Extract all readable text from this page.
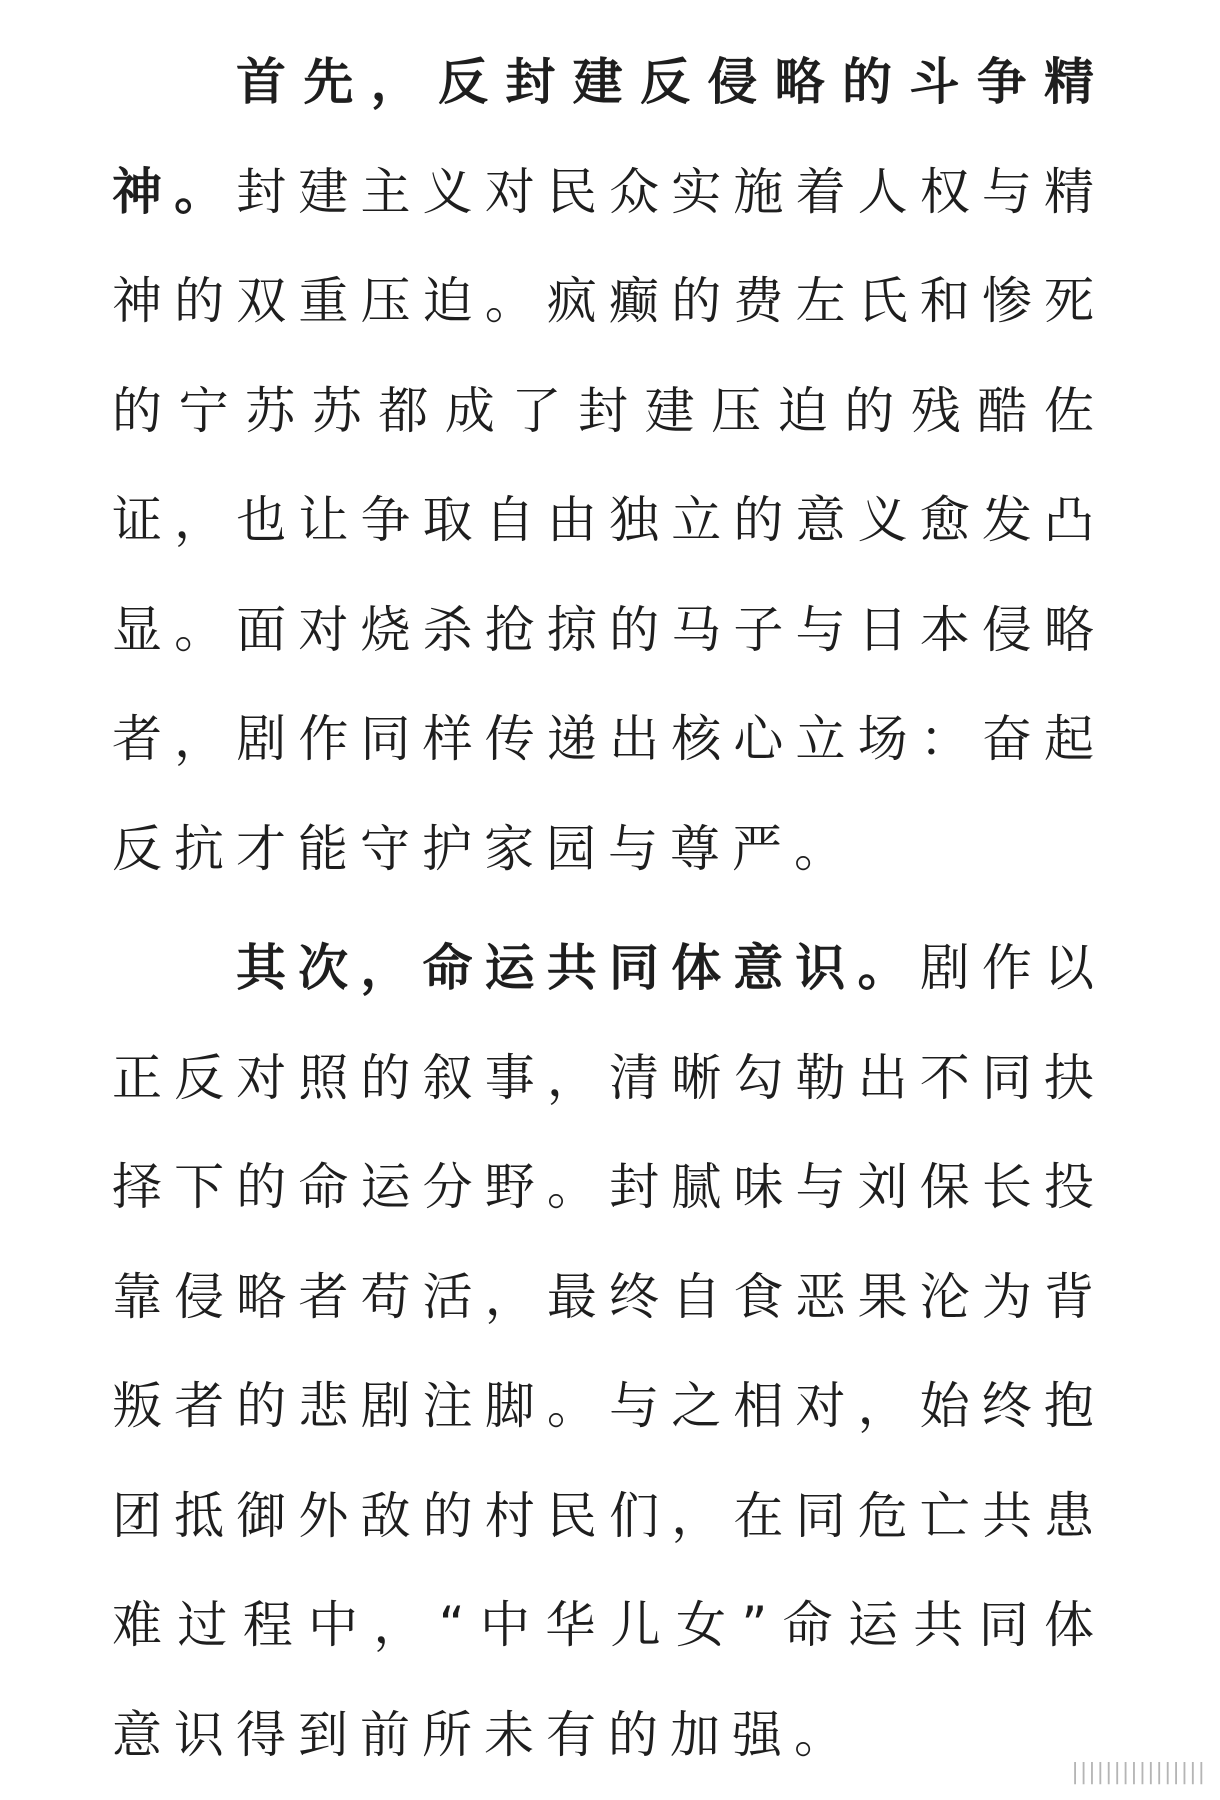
首先，反封建反侵略的斗争精神。封建主义对民众实施着人权与精神的双重压迫。疯癫的费左氏和惨死的宁苏苏都成了封建压迫的残酷佐证，也让争取自由独立的意义愈发凸显。面对烧杀抢掠的马子与日本侵略者，剧作同样传递出核心立场：奋起反抗才能守护家园与尊严。

其次，命运共同体意识。剧作以正反对照的叙事，清晰勾勒出不同抉择下的命运分野。封腻味与刘保长投靠侵略者苟活，最终自食恶果沦为背叛者的悲剧注脚。与之相对，始终抱团抵御外敌的村民们，在同危亡共患难过程中，“中华儿女”命运共同体意识得到前所未有的加强。

||||||||||||||||
